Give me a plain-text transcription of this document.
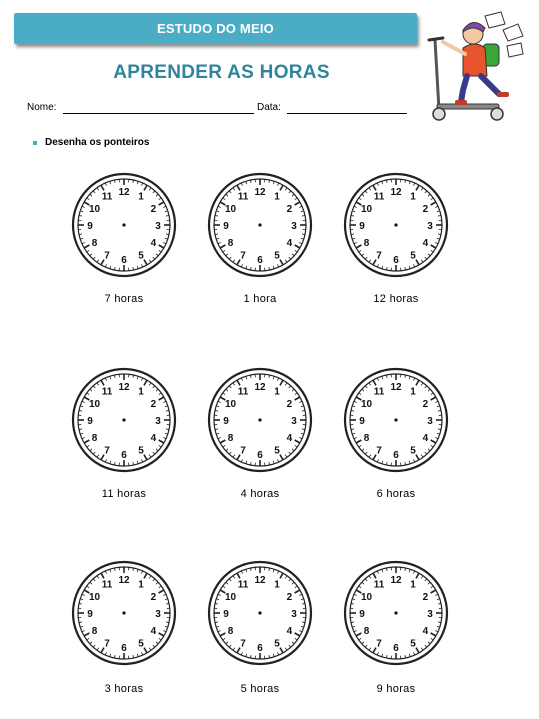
ESTUDO DO MEIO
APRENDER AS HORAS
Nome:	Data:
Desenha os ponteiros
12 1
2
3
4
5
6
7
8
9
10
11
7 horas
12 1
2
3
4
5
6
7
8
9
10
11
1 hora
12 1
2
3
4
5
6
7
8
9
10
11
12 horas
12 1
2
3
4
5
6
7
8
9
10
11
11 horas
12 1
2
3
4
5
6
7
8
9
10
11
4 horas
12 1
2
3
4
5
6
7
8
9
10
11
6 horas
12 1
2
3
4
5
6
7
8
9
10
11
3 horas
12 1
2
3
4
5
6
7
8
9
10
11
5 horas
12 1
2
3
4
5
6
7
8
9
10
11
9 horas
